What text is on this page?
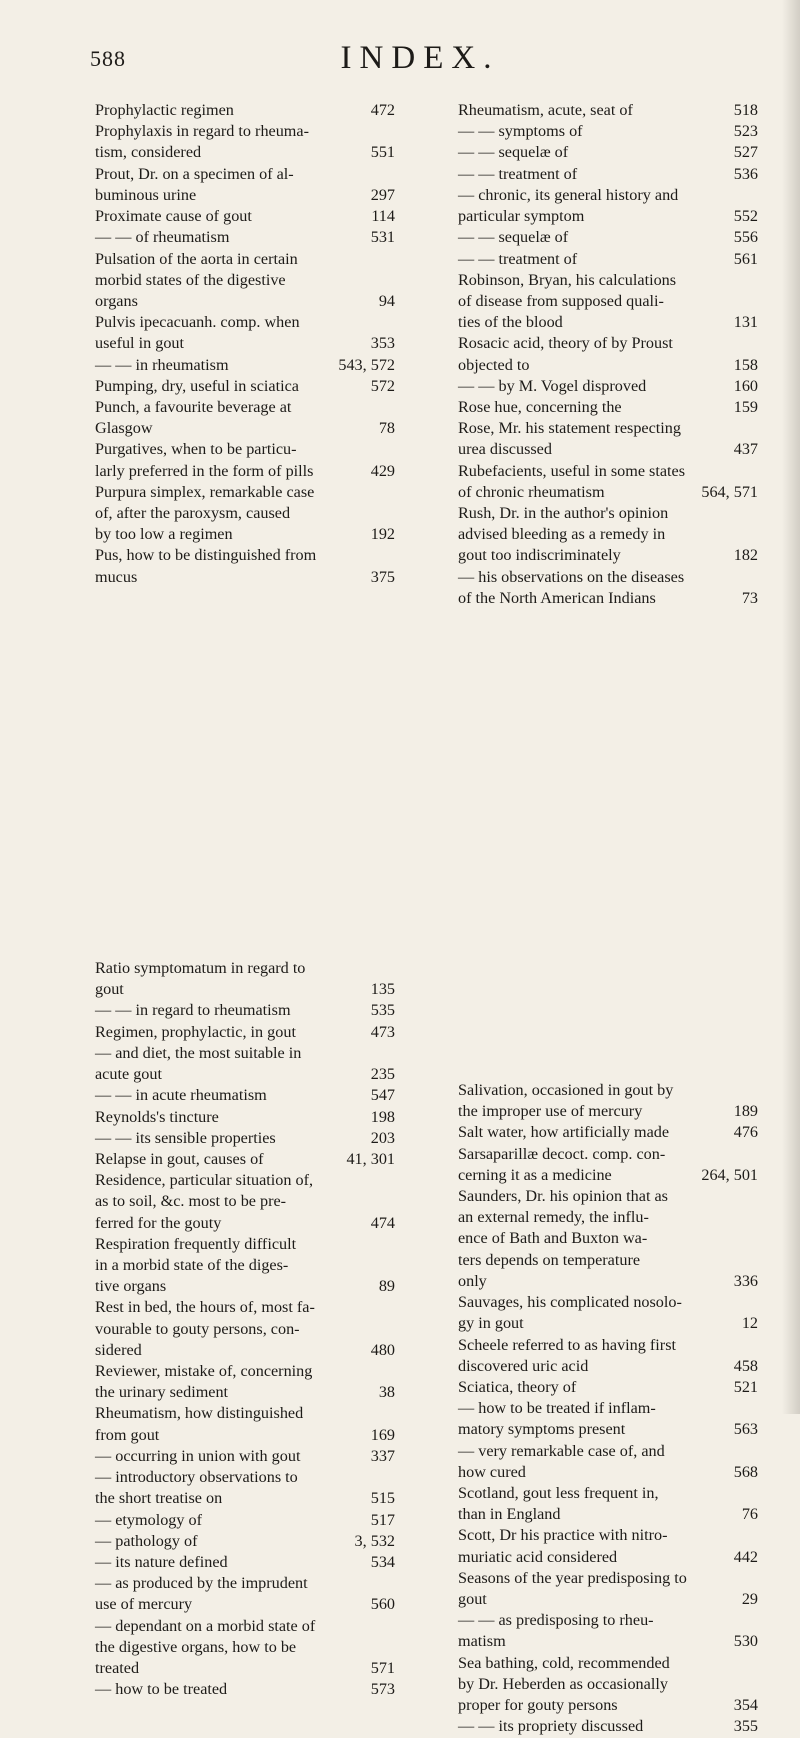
588	INDEX.
Prophylactic regimen	472
Prophylaxis in regard to rheuma-
tism, considered	551
Prout, Dr. on a specimen of al-
buminous urine	297
Proximate cause of gout	114
— — of rheumatism	531
Pulsation of the aorta in certain
morbid states of the digestive
organs	94
Pulvis ipecacuanh. comp. when
useful in gout	353
— — in rheumatism	543, 572
Pumping, dry, useful in sciatica	572
Punch, a favourite beverage at
Glasgow	78
Purgatives, when to be particu-
larly preferred in the form of pills	429
Purpura simplex, remarkable case
of, after the paroxysm, caused
by too low a regimen	192
Pus, how to be distinguished from
mucus	375
Rheumatism, acute, seat of	518
— — symptoms of	523
— — sequelæ of	527
— — treatment of	536
— chronic, its general history and
particular symptom	552
— — sequelæ of	556
— — treatment of	561
Robinson, Bryan, his calculations
of disease from supposed quali-
ties of the blood	131
Rosacic acid, theory of by Proust
objected to	158
— — by M. Vogel disproved	160
Rose hue, concerning the	159
Rose, Mr. his statement respecting
urea discussed	437
Rubefacients, useful in some states
of chronic rheumatism	564, 571
Rush, Dr. in the author's opinion
advised bleeding as a remedy in
gout too indiscriminately	182
— his observations on the diseases
of the North American Indians	73
Ratio symptomatum in regard to
gout	135
— — in regard to rheumatism	535
Regimen, prophylactic, in gout	473
— and diet, the most suitable in
acute gout	235
— — in acute rheumatism	547
Reynolds's tincture	198
— — its sensible properties	203
Relapse in gout, causes of	41, 301
Residence, particular situation of,
as to soil, &c. most to be pre-
ferred for the gouty	474
Respiration frequently difficult
in a morbid state of the diges-
tive organs	89
Rest in bed, the hours of, most fa-
vourable to gouty persons, con-
sidered	480
Reviewer, mistake of, concerning
the urinary sediment	38
Rheumatism, how distinguished
from gout	169
— occurring in union with gout	337
— introductory observations to
the short treatise on	515
— etymology of	517
— pathology of	3, 532
— its nature defined	534
— as produced by the imprudent
use of mercury	560
— dependant on a morbid state of
the digestive organs, how to be
treated	571
— how to be treated	573
Salivation, occasioned in gout by
the improper use of mercury	189
Salt water, how artificially made	476
Sarsaparillæ decoct. comp. con-
cerning it as a medicine	264, 501
Saunders, Dr. his opinion that as
an external remedy, the influ-
ence of Bath and Buxton wa-
ters depends on temperature
only	336
Sauvages, his complicated nosolo-
gy in gout	12
Scheele referred to as having first
discovered uric acid	458
Sciatica, theory of	521
— how to be treated if inflam-
matory symptoms present	563
— very remarkable case of, and
how cured	568
Scotland, gout less frequent in,
than in England	76
Scott, Dr his practice with nitro-
muriatic acid considered	442
Seasons of the year predisposing to
gout	29
— — as predisposing to rheu-
matism	530
Sea bathing, cold, recommended
by Dr. Heberden as occasionally
proper for gouty persons	354
— — its propriety discussed	355
